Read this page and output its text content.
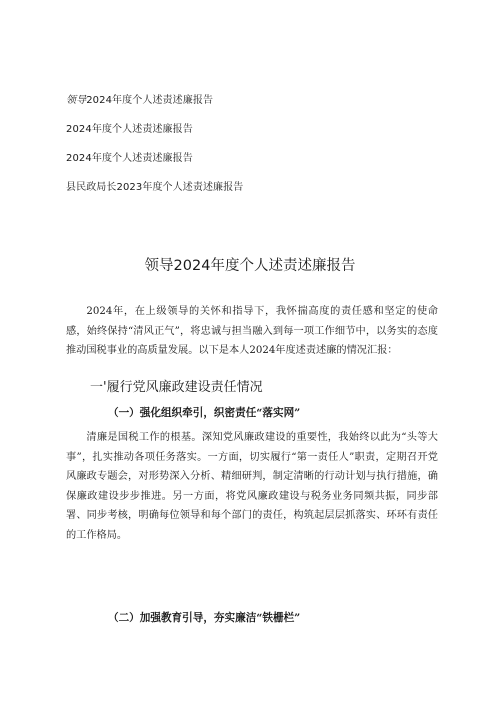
领导2024年度个人述责述廉报告
2024年度个人述责述廉报告
2024年度个人述责述廉报告
县民政局长2023年度个人述责述廉报告
领导2024年度个人述责述廉报告

2024年，在上级领导的关怀和指导下，我怀揣高度的责任感和坚定的使命感，始终保持“清风正气”，将忠诚与担当融入到每一项工作细节中，以务实的态度推动国税事业的高质量发展。以下是本人2024年度述责述廉的情况汇报：

一'履行党风廉政建设责任情况
（一）强化组织牵引，织密责任“落实网”

清廉是国税工作的根基。深知党风廉政建设的重要性，我始终以此为“头等大事”，扎实推动各项任务落实。一方面，切实履行“第一责任人”职责，定期召开党风廉政专题会，对形势深入分析、精细研判，制定清晰的行动计划与执行措施，确保廉政建设步步推进。另一方面，将党风廉政建设与税务业务同频共振，同步部署、同步考核，明确每位领导和每个部门的责任，构筑起层层抓落实、环环有责任的工作格局。

（二）加强教育引导，夯实廉洁“铁栅栏”
